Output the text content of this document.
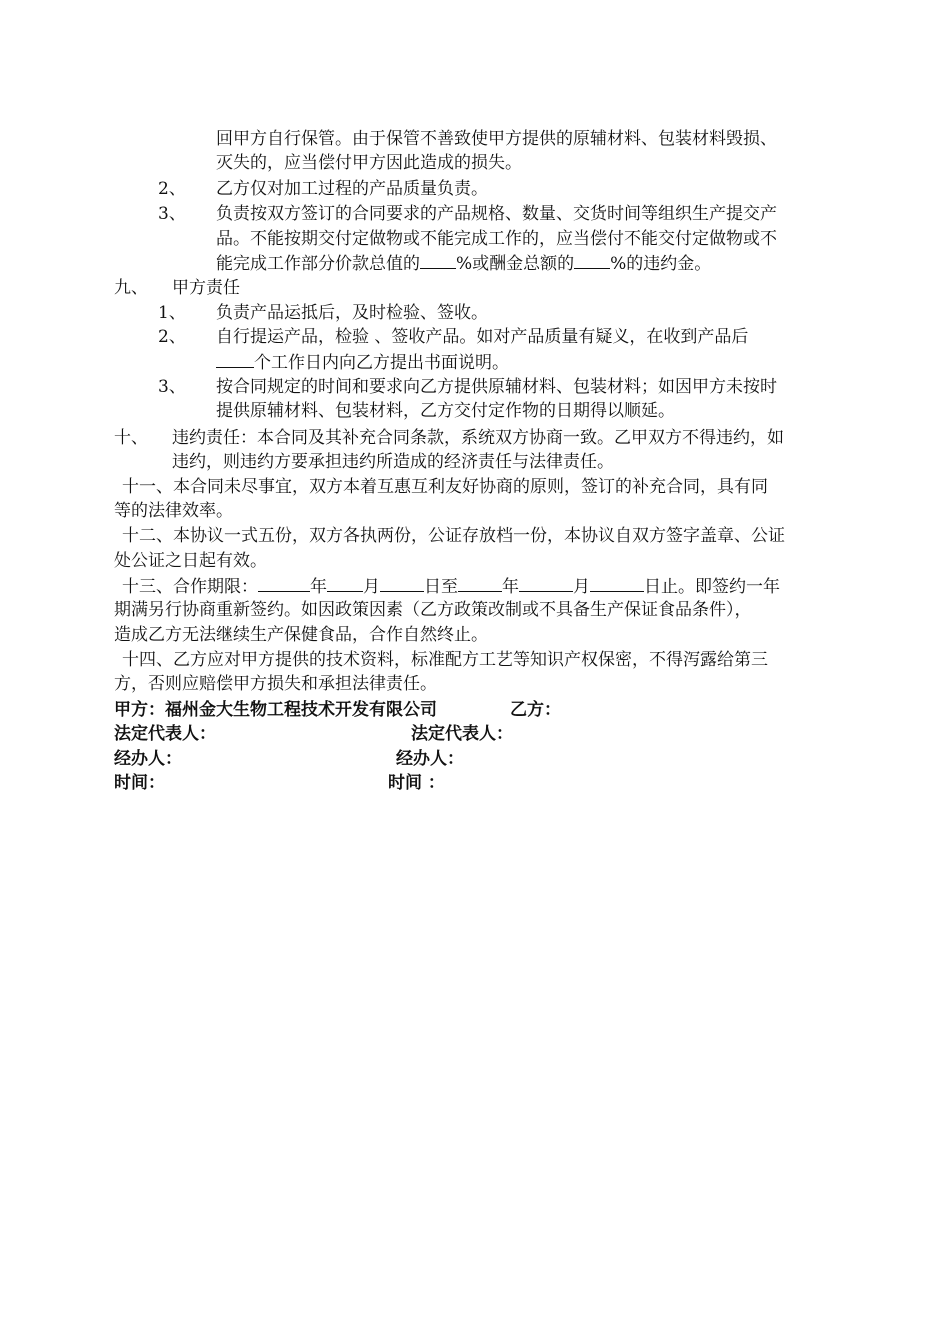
回甲方自行保管。由于保管不善致使甲方提供的原辅材料、包装材料毁损、
灭失的，应当偿付甲方因此造成的损失。
2、 乙方仅对加工过程的产品质量负责。
3、 负责按双方签订的合同要求的产品规格、数量、交货时间等组织生产提交产
品。不能按期交付定做物或不能完成工作的，应当偿付不能交付定做物或不
能完成工作部分价款总值的 %或酬金总额的 %的违约金。
九、 甲方责任
1、 负责产品运抵后，及时检验、签收。
2、 自行提运产品，检验 、签收产品。如对产品质量有疑义，在收到产品后
个工作日内向乙方提出书面说明。
3、 按合同规定的时间和要求向乙方提供原辅材料、包装材料；如因甲方未按时
提供原辅材料、包装材料，乙方交付定作物的日期得以顺延。
十、 违约责任：本合同及其补充合同条款，系统双方协商一致。乙甲双方不得违约，如
违约，则违约方要承担违约所造成的经济责任与法律责任。
十一、本合同未尽事宜，双方本着互惠互利友好协商的原则，签订的补充合同，具有同
等的法律效率。
十二、本协议一式五份，双方各执两份，公证存放档一份，本协议自双方签字盖章、公证
处公证之日起有效。
十三、合作期限：	年 月	日至	年	月	日止。即签约一年
期满另行协商重新签约。如因政策因素（乙方政策改制或不具备生产保证食品条件），
造成乙方无法继续生产保健食品，合作自然终止。
十四、乙方应对甲方提供的技术资料，标准配方工艺等知识产权保密，不得泻露给第三
方，否则应赔偿甲方损失和承担法律责任。
甲方：福州金大生物工程技术开发有限公司	乙方：
法定代表人：	法定代表人：
经办人：	经办人：
时间：	时间 ：
